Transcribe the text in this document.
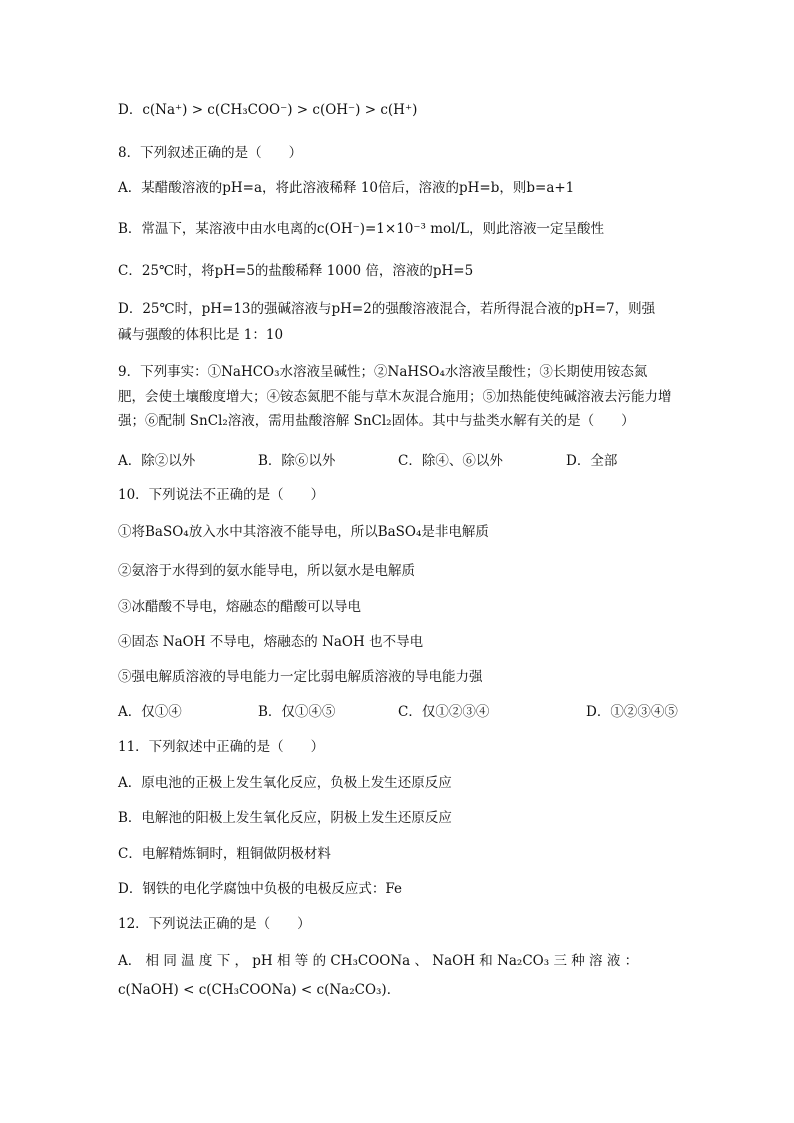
D．c(Na⁺) > c(CH₃COO⁻) > c(OH⁻) > c(H⁺)
8．下列叙述正确的是（　　）
A．某醋酸溶液的pH=a，将此溶液稀释 10倍后，溶液的pH=b，则b=a+1
B．常温下，某溶液中由水电离的c(OH⁻)=1×10⁻³ mol/L，则此溶液一定呈酸性
C．25℃时，将pH=5的盐酸稀释 1000 倍，溶液的pH=5
D．25℃时，pH=13的强碱溶液与pH=2的强酸溶液混合，若所得混合液的pH=7，则强
碱与强酸的体积比是 1：10
9．下列事实：①NaHCO₃水溶液呈碱性；②NaHSO₄水溶液呈酸性；③长期使用铵态氮
肥，会使土壤酸度增大；④铵态氮肥不能与草木灰混合施用；⑤加热能使纯碱溶液去污能力增
强；⑥配制 SnCl₂溶液，需用盐酸溶解 SnCl₂固体。其中与盐类水解有关的是（　　）
A．除②以外	B．除⑥以外	C．除④、⑥以外	D．全部
10．下列说法不正确的是（　　）
①将BaSO₄放入水中其溶液不能导电，所以BaSO₄是非电解质
②氨溶于水得到的氨水能导电，所以氨水是电解质
③冰醋酸不导电，熔融态的醋酸可以导电
④固态 NaOH 不导电，熔融态的 NaOH 也不导电
⑤强电解质溶液的导电能力一定比弱电解质溶液的导电能力强
A．仅①④	B．仅①④⑤	C．仅①②③④	D．①②③④⑤
11．下列叙述中正确的是（　　）
A．原电池的正极上发生氧化反应，负极上发生还原反应
B．电解池的阳极上发生氧化反应，阴极上发生还原反应
C．电解精炼铜时，粗铜做阴极材料
D．钢铁的电化学腐蚀中负极的电极反应式：Fe
12．下列说法正确的是（　　）
A． 相 同 温 度 下 ， pH 相 等 的 CH₃COONa 、 NaOH 和 Na₂CO₃ 三 种 溶 液 ：
c(NaOH) < c(CH₃COONa) < c(Na₂CO₃)．
